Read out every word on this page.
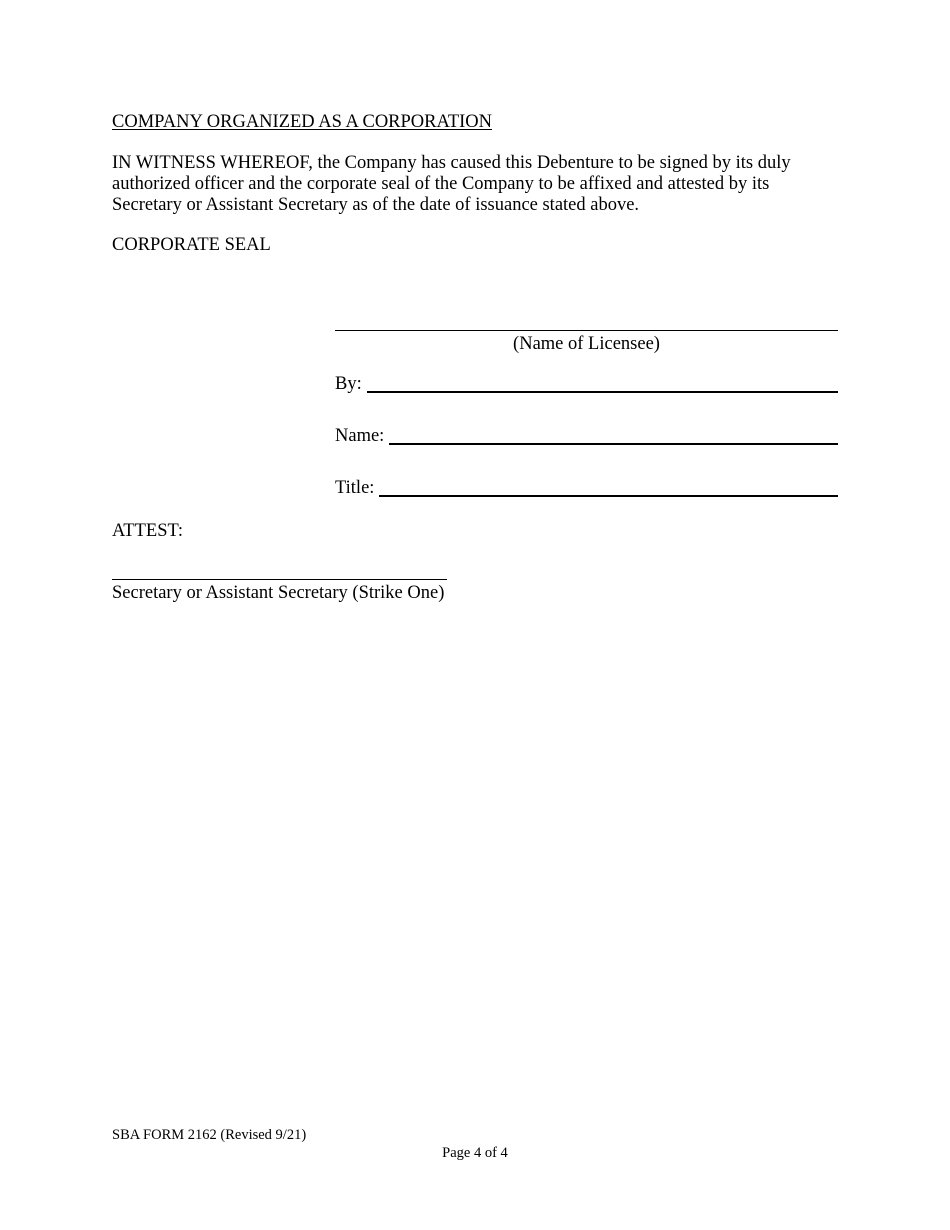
COMPANY ORGANIZED AS A CORPORATION
IN WITNESS WHEREOF, the Company has caused this Debenture to be signed by its duly
authorized officer and the corporate seal of the Company to be affixed and attested by its
Secretary or Assistant Secretary as of the date of issuance stated above.
CORPORATE SEAL
(Name of Licensee)
By:
Name:
Title:
ATTEST:
Secretary or Assistant Secretary (Strike One)
SBA FORM 2162 (Revised 9/21)
Page 4 of 4
